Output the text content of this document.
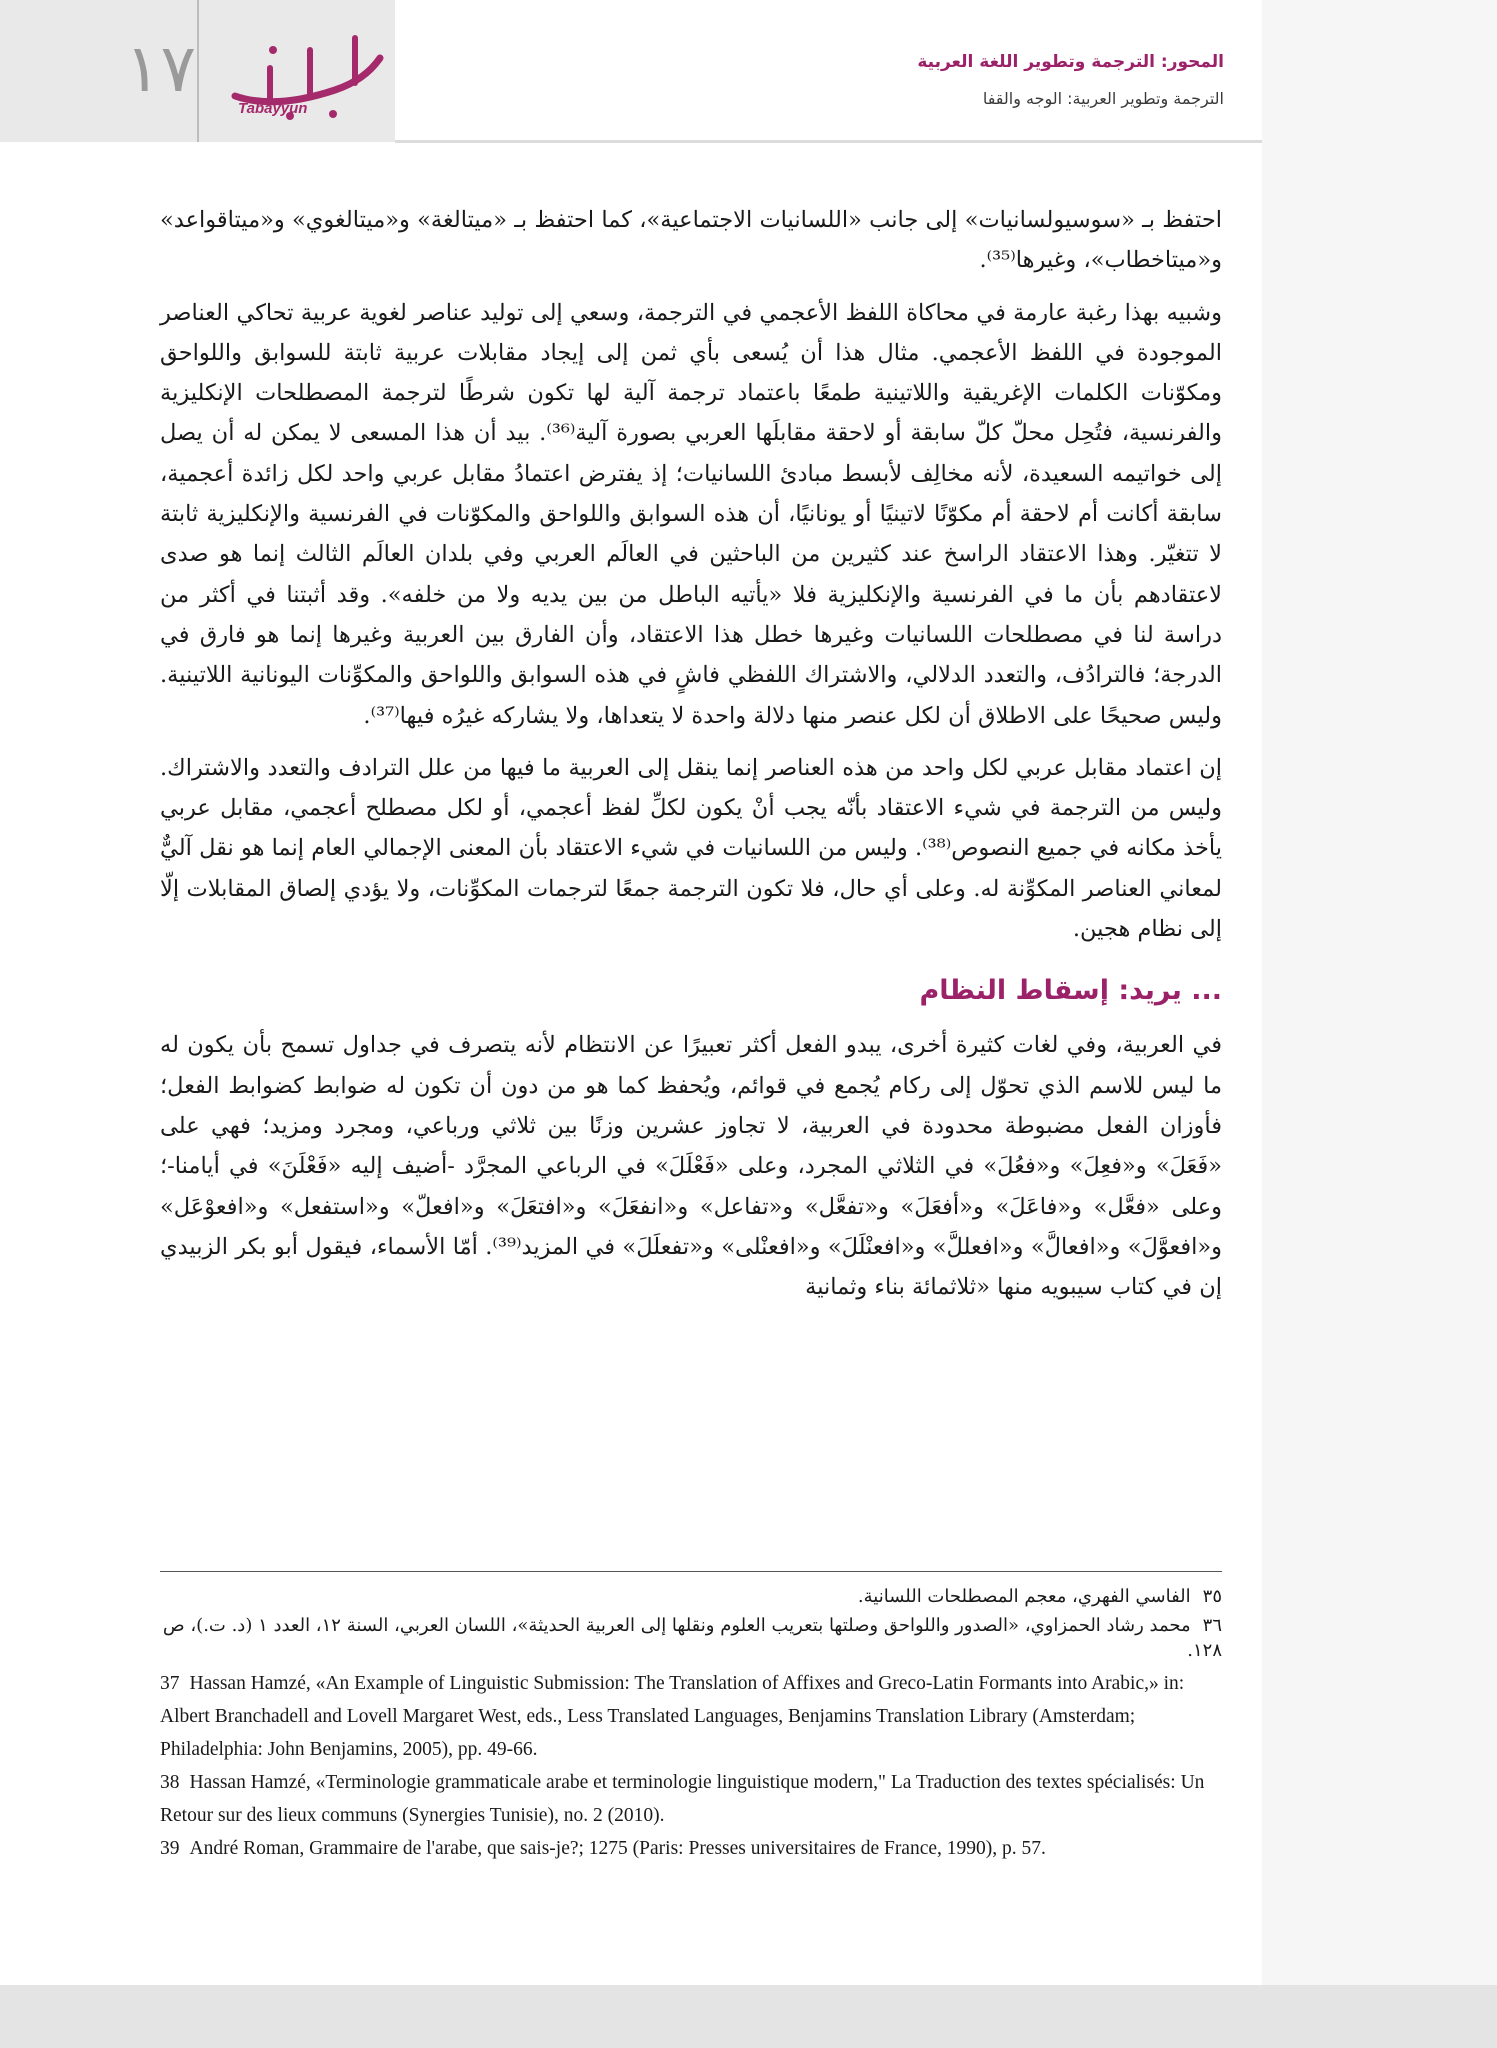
١٧
Tabayyun
المحور: الترجمة وتطوير اللغة العربية
الترجمة وتطوير العربية: الوجه والقفا

احتفظ بـ «سوسيولسانيات» إلى جانب «اللسانيات الاجتماعية»، كما احتفظ بـ «ميتالغة» و«ميتالغوي» و«ميتاقواعد» و«ميتاخطاب»، وغيرها⁽³⁵⁾.

وشبيه بهذا رغبة عارمة في محاكاة اللفظ الأعجمي في الترجمة، وسعي إلى توليد عناصر لغوية عربية تحاكي العناصر الموجودة في اللفظ الأعجمي. مثال هذا أن يُسعى بأي ثمن إلى إيجاد مقابلات عربية ثابتة للسوابق واللواحق ومكوّنات الكلمات الإغريقية واللاتينية طمعًا باعتماد ترجمة آلية لها تكون شرطًا لترجمة المصطلحات الإنكليزية والفرنسية، فتُحِل محلّ كلّ سابقة أو لاحقة مقابلَها العربي بصورة آلية⁽³⁶⁾. بيد أن هذا المسعى لا يمكن له أن يصل إلى خواتيمه السعيدة، لأنه مخالِف لأبسط مبادئ اللسانيات؛ إذ يفترض اعتمادُ مقابل عربي واحد لكل زائدة أعجمية، سابقة أكانت أم لاحقة أم مكوّنًا لاتينيًا أو يونانيًا، أن هذه السوابق واللواحق والمكوّنات في الفرنسية والإنكليزية ثابتة لا تتغيّر. وهذا الاعتقاد الراسخ عند كثيرين من الباحثين في العالَم العربي وفي بلدان العالَم الثالث إنما هو صدى لاعتقادهم بأن ما في الفرنسية والإنكليزية فلا «يأتيه الباطل من بين يديه ولا من خلفه». وقد أثبتنا في أكثر من دراسة لنا في مصطلحات اللسانيات وغيرها خطل هذا الاعتقاد، وأن الفارق بين العربية وغيرها إنما هو فارق في الدرجة؛ فالترادُف، والتعدد الدلالي، والاشتراك اللفظي فاشٍ في هذه السوابق واللواحق والمكوِّنات اليونانية اللاتينية. وليس صحيحًا على الاطلاق أن لكل عنصر منها دلالة واحدة لا يتعداها، ولا يشاركه غيرُه فيها⁽³⁷⁾.

إن اعتماد مقابل عربي لكل واحد من هذه العناصر إنما ينقل إلى العربية ما فيها من علل الترادف والتعدد والاشتراك. وليس من الترجمة في شيء الاعتقاد بأنّه يجب أنْ يكون لكلِّ لفظ أعجمي، أو لكل مصطلح أعجمي، مقابل عربي يأخذ مكانه في جميع النصوص⁽³⁸⁾. وليس من اللسانيات في شيء الاعتقاد بأن المعنى الإجمالي العام إنما هو نقل آليٌّ لمعاني العناصر المكوِّنة له. وعلى أي حال، فلا تكون الترجمة جمعًا لترجمات المكوِّنات، ولا يؤدي إلصاق المقابلات إلّا إلى نظام هجين.

... يريد: إسقاط النظام

في العربية، وفي لغات كثيرة أخرى، يبدو الفعل أكثر تعبيرًا عن الانتظام لأنه يتصرف في جداول تسمح بأن يكون له ما ليس للاسم الذي تحوّل إلى ركام يُجمع في قوائم، ويُحفظ كما هو من دون أن تكون له ضوابط كضوابط الفعل؛ فأوزان الفعل مضبوطة محدودة في العربية، لا تجاوز عشرين وزنًا بين ثلاثي ورباعي، ومجرد ومزيد؛ فهي على «فَعَلَ» و«فعِلَ» و«فعُلَ» في الثلاثي المجرد، وعلى «فَعْلَلَ» في الرباعي المجرَّد -أضيف إليه «فَعْلَنَ» في أيامنا-؛ وعلى «فعَّل» و«فاعَلَ» و«أفعَلَ» و«تفعَّل» و«تفاعل» و«انفعَلَ» و«افتعَلَ» و«افعلّ» و«استفعل» و«افعوْعَل» و«افعوَّلَ» و«افعالَّ» و«افعللَّ» و«افعنْلَلَ» و«افعنْلى» و«تفعلَلَ» في المزيد⁽³⁹⁾. أمّا الأسماء، فيقول أبو بكر الزبيدي إن في كتاب سيبويه منها «ثلاثمائة بناء وثمانية

٣٥الفاسي الفهري، معجم المصطلحات اللسانية.

٣٦محمد رشاد الحمزاوي، «الصدور واللواحق وصلتها بتعريب العلوم ونقلها إلى العربية الحديثة»، اللسان العربي، السنة ١٢، العدد ١ (د. ت.)، ص ١٢٨.

37 Hassan Hamzé, «An Example of Linguistic Submission: The Translation of Affixes and Greco-Latin Formants into Arabic,» in: Albert Branchadell and Lovell Margaret West, eds., Less Translated Languages, Benjamins Translation Library (Amsterdam; Philadelphia: John Benjamins, 2005), pp. 49-66.

38 Hassan Hamzé, «Terminologie grammaticale arabe et terminologie linguistique modern," La Traduction des textes spécialisés: Un Retour sur des lieux communs (Synergies Tunisie), no. 2 (2010).

39 André Roman, Grammaire de l'arabe, que sais-je?; 1275 (Paris: Presses universitaires de France, 1990), p. 57.
